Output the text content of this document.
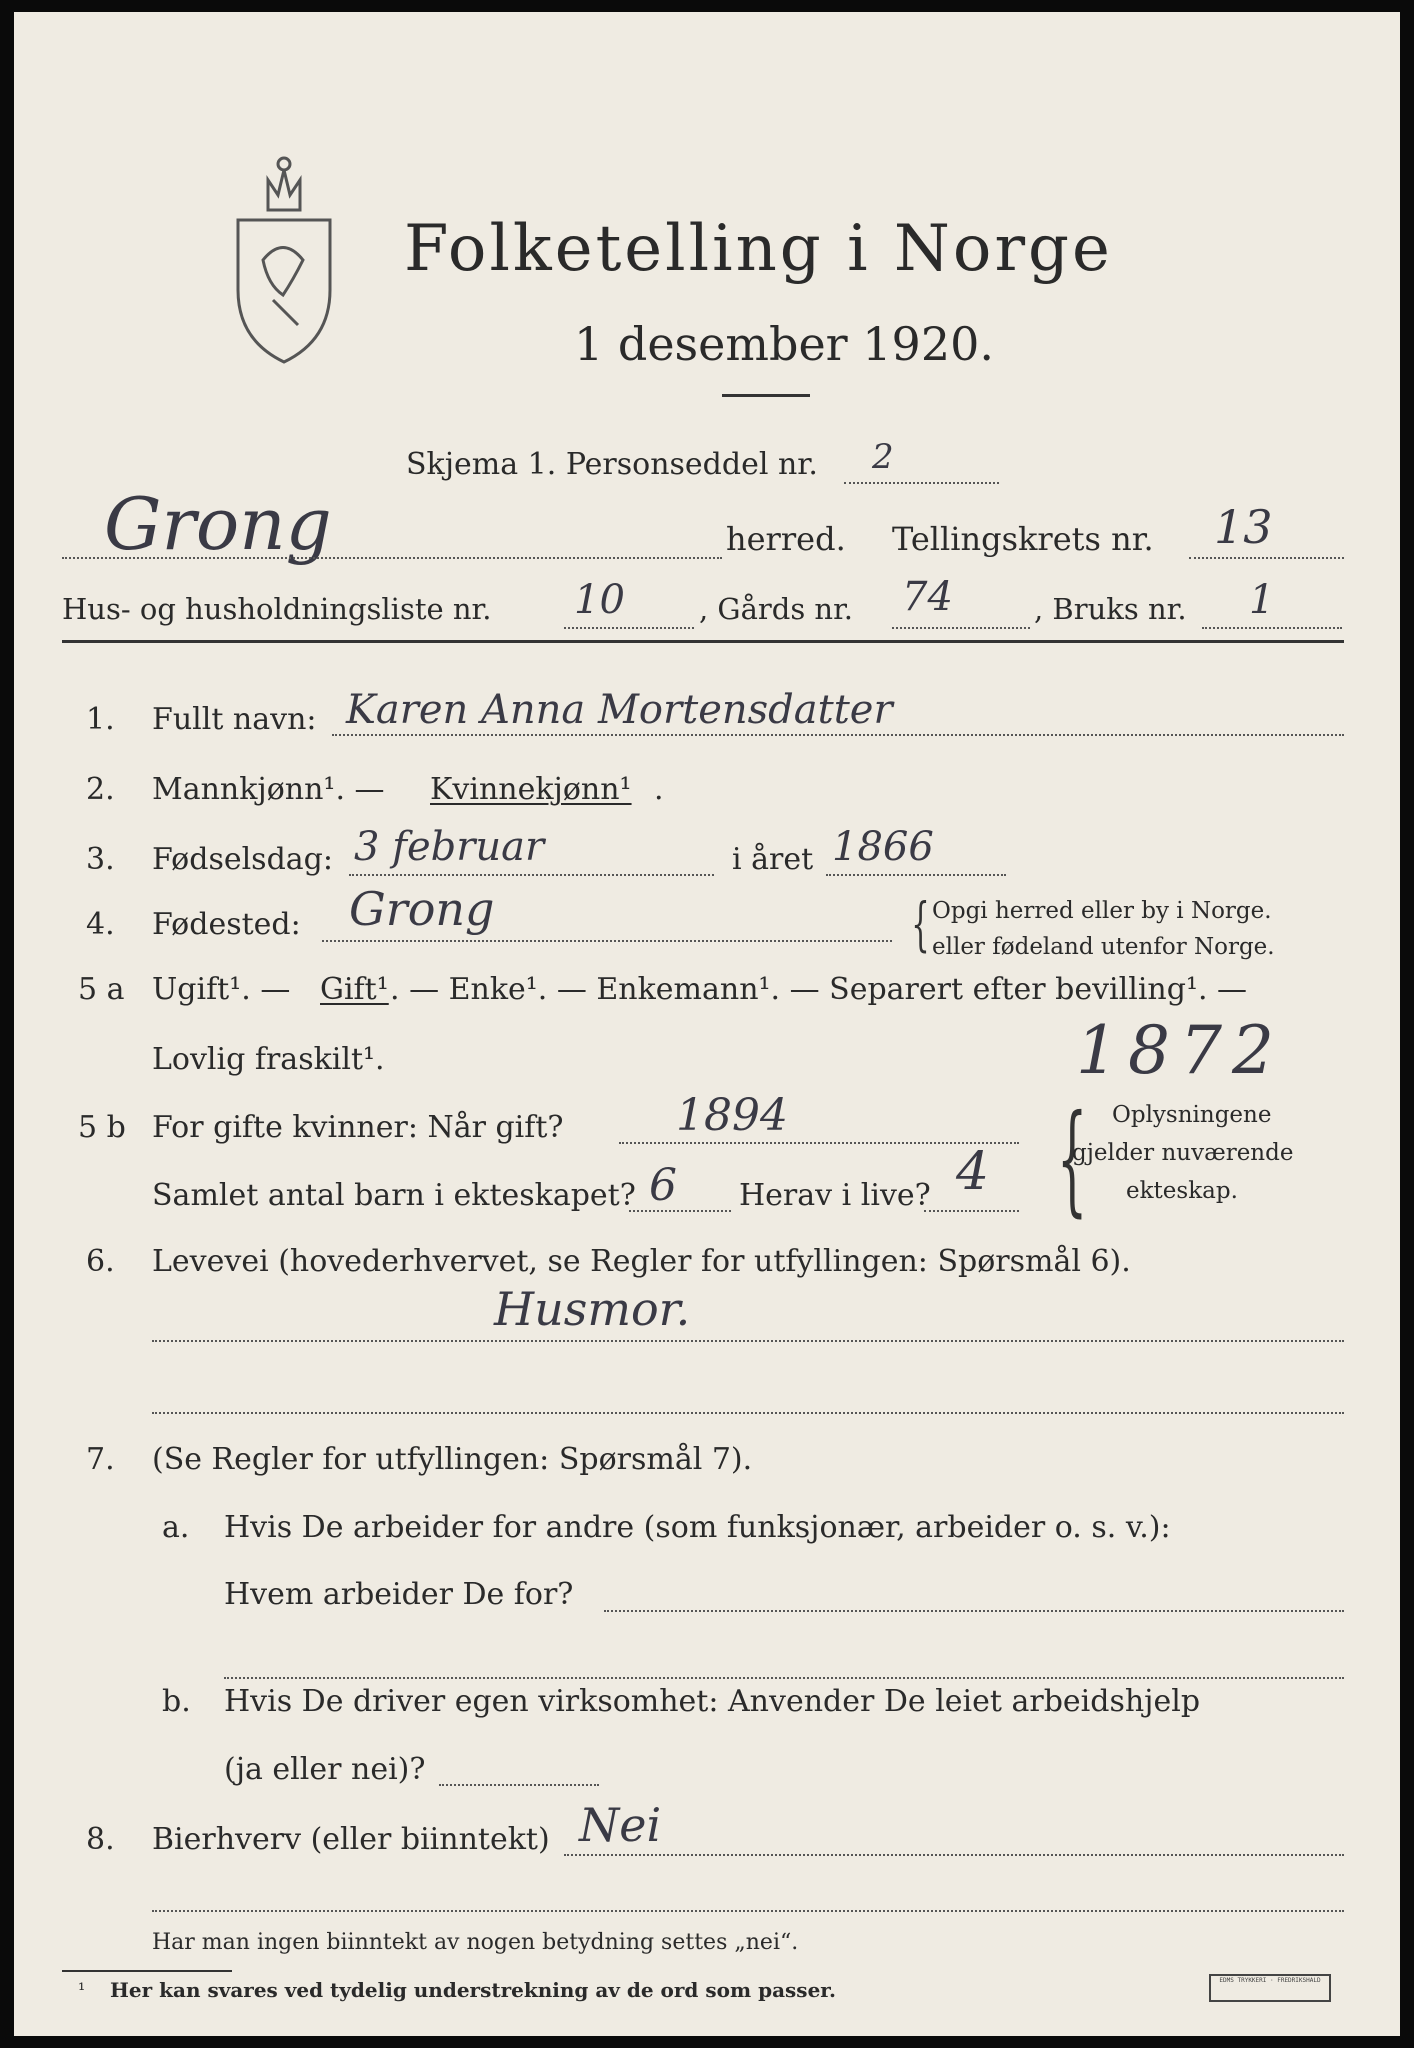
Folketelling i Norge
1 desember 1920.
Skjema 1. Personseddel nr. 2
Grong	herred. Tellingskrets nr. 13
Hus- og husholdningsliste nr. 10	, Gårds nr. 74	, Bruks nr. 1
1. Fullt navn: Karen Anna Mortensdatter
2. Mannkjønn¹. — Kvinnekjønn¹ .
3. Fødselsdag: 3 februar	i året 1866
4. Fødested: Grong	{ Opgi herred eller by i Norge.
eller fødeland utenfor Norge.
5 a Ugift¹. — Gift¹ . — Enke¹. — Enkemann¹. — Separert efter bevilling¹. —
Lovlig fraskilt¹.	1872
5 b For gifte kvinner: Når gift?	1894
Samlet antal barn i ekteskapet? 6 Herav i live? 4 { Oplysningene
gjelder nuværende
ekteskap.
6. Levevei (hovederhvervet, se Regler for utfyllingen: Spørsmål 6).
Husmor.
7. (Se Regler for utfyllingen: Spørsmål 7).
a. Hvis De arbeider for andre (som funksjonær, arbeider o. s. v.):
Hvem arbeider De for?
b. Hvis De driver egen virksomhet: Anvender De leiet arbeidshjelp
(ja eller nei)?
8. Bierhverv (eller biinntekt) Nei
Har man ingen biinntekt av nogen betydning settes „nei“.
¹ Her kan svares ved tydelig understrekning av de ord som passer.	EDMS TRYKKERI · FREDRIKSHALD
